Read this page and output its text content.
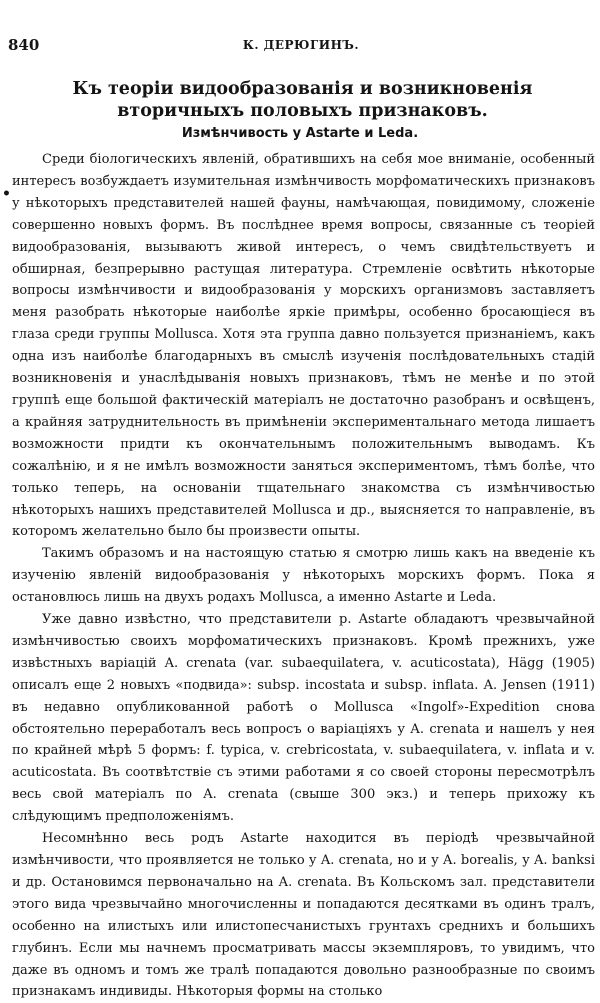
840	К. ДЕРЮГИНЪ.
Къ теоріи видообразованія и возникновенія вторичныхъ половыхъ признаковъ.
Измѣнчивость у Astarte и Leda.
•

Среди біологическихъ явленій, обратившихъ на себя мое вниманіе, особенный интересъ возбуждаетъ изумительная измѣнчивость морфоматическихъ признаковъ у нѣкоторыхъ представителей нашей фауны, намѣчающая, повидимому, сложеніе совершенно новыхъ формъ. Въ послѣднее время вопросы, связанные съ теоріей видообразованія, вызываютъ живой интересъ, о чемъ свидѣтельствуетъ и обширная, безпрерывно растущая литература. Стремленіе освѣтить нѣкоторые вопросы измѣнчивости и видообразованія у морскихъ организмовъ заставляетъ меня разобрать нѣкоторые наиболѣе яркіе примѣры, особенно бросающіеся въ глаза среди группы Mollusca. Хотя эта группа давно пользуется признаніемъ, какъ одна изъ наиболѣе благодарныхъ въ смыслѣ изученія послѣдовательныхъ стадій возникновенія и унаслѣдыванія новыхъ признаковъ, тѣмъ не менѣе и по этой группѣ еще большой фактическій матеріалъ не достаточно разобранъ и освѣщенъ, а крайняя затруднительность въ примѣненіи экспериментальнаго метода лишаетъ возможности придти къ окончательнымъ положительнымъ выводамъ. Къ сожалѣнію, и я не имѣлъ возможности заняться экспериментомъ, тѣмъ болѣе, что только теперь, на основаніи тщательнаго знакомства съ измѣнчивостью нѣкоторыхъ нашихъ представителей Mollusca и др., выясняется то направленіе, въ которомъ желательно было бы произвести опыты.

Такимъ образомъ и на настоящую статью я смотрю лишь какъ на введеніе къ изученію явленій видообразованія у нѣкоторыхъ морскихъ формъ. Пока я остановлюсь лишь на двухъ родахъ Mollusca, а именно Astarte и Leda.

Уже давно извѣстно, что представители р. Astarte обладаютъ чрезвычайной измѣнчивостью своихъ морфоматическихъ признаковъ. Кромѣ прежнихъ, уже извѣстныхъ варіацій A. crenata (var. subaequilatera, v. acuticostata), Hägg (1905) описалъ еще 2 новыхъ «подвида»: subsp. incostata и subsp. inflata. A. Jensen (1911) въ недавно опубликованной работѣ о Mollusca «Ingolf»-Expedition снова обстоятельно переработалъ весь вопросъ о варіаціяхъ у A. crenata и нашелъ у нея по крайней мѣрѣ 5 формъ: f. typica, v. crebricostata, v. subaequilatera, v. inflata и v. acuticostata. Въ соотвѣтствіе съ этими работами я со своей стороны пересмотрѣлъ весь свой матеріалъ по A. crenata (свыше 300 экз.) и теперь прихожу къ слѣдующимъ предположеніямъ.

Несомнѣнно весь родъ Astarte находится въ періодѣ чрезвычайной измѣнчивости, что проявляется не только у A. crenata, но и у A. borealis, у A. banksi и др. Остановимся первоначально на A. crenata. Въ Кольскомъ зал. представители этого вида чрезвычайно многочисленны и попадаются десятками въ одинъ тралъ, особенно на илистыхъ или илистопесчанистыхъ грунтахъ среднихъ и большихъ глубинъ. Если мы начнемъ просматривать массы экземпляровъ, то увидимъ, что даже въ одномъ и томъ же тралѣ попадаются довольно разнообразные по своимъ признакамъ индивиды. Нѣкоторыя формы на столько
